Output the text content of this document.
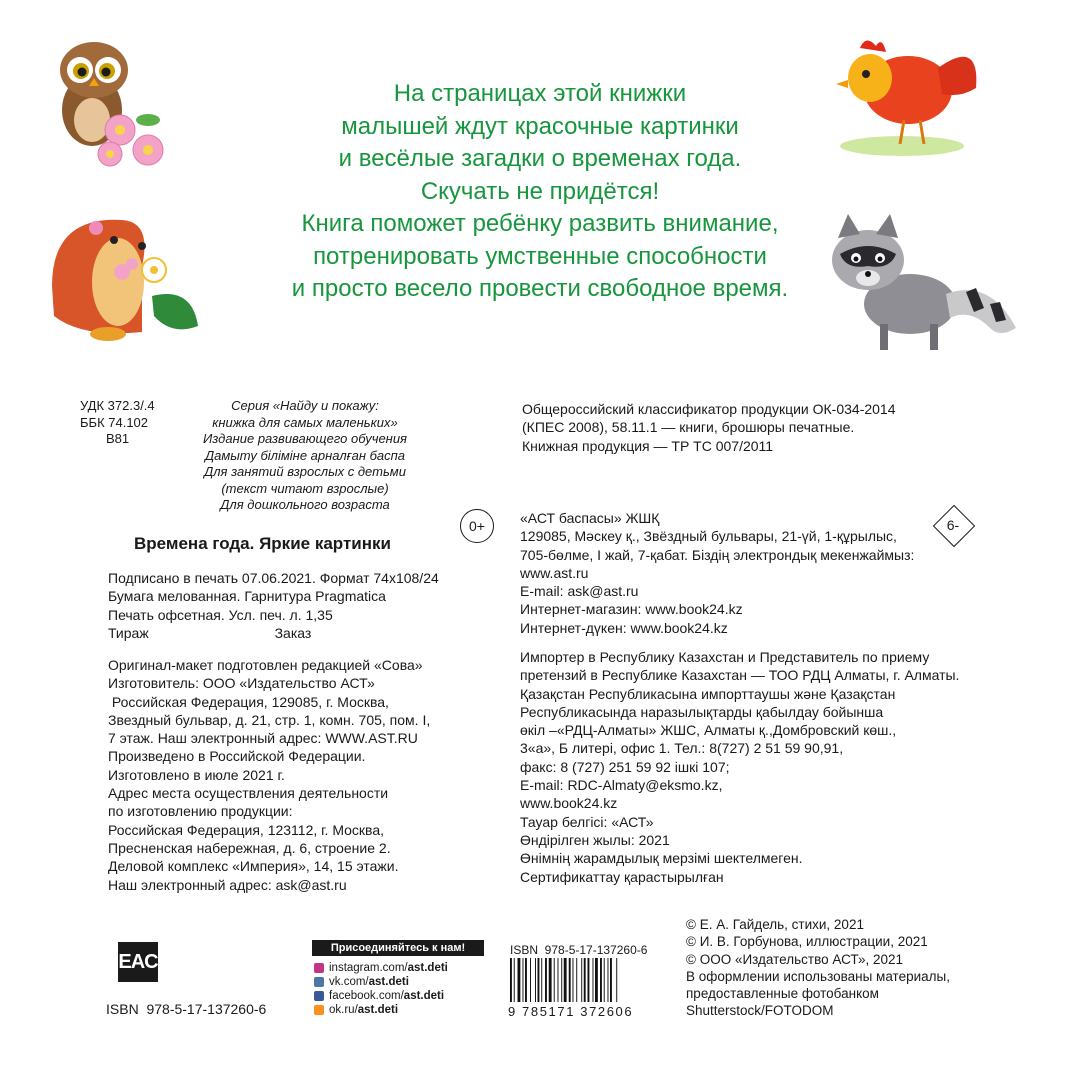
На страницах этой книжки
малышей ждут красочные картинки
и весёлые загадки о временах года.
Скучать не придётся!
Книга поможет ребёнку развить внимание,
потренировать умственные способности
и просто весело провести свободное время.
УДК 372.3/.4
ББК 74.102
В81
Серия «Найду и покажу:
книжка для самых маленьких»
Издание развивающего обучения
Дамыту біліміне арналған баспа
Для занятий взрослых с детьми
(текст читают взрослые)
Для дошкольного возраста
0+	6-
Времена года. Яркие картинки
Подписано в печать 07.06.2021. Формат 74x108/24
Бумага мелованная. Гарнитура Pragmatica
Печать офсетная. Усл. печ. л. 1,35
Тираж	Заказ
Оригинал-макет подготовлен редакцией «Сова»
Изготовитель: ООО «Издательство АСТ»
Российская Федерация, 129085, г. Москва,
Звездный бульвар, д. 21, стр. 1, комн. 705, пом. I,
7 этаж. Наш электронный адрес: WWW.AST.RU
Произведено в Российской Федерации.
Изготовлено в июле 2021 г.
Адрес места осуществления деятельности
по изготовлению продукции:
Российская Федерация, 123112, г. Москва,
Пресненская набережная, д. 6, строение 2.
Деловой комплекс «Империя», 14, 15 этажи.
Наш электронный адрес: ask@ast.ru
Общероссийский классификатор продукции ОК-034-2014
(КПЕС 2008), 58.11.1 — книги, брошюры печатные.
Книжная продукция — ТР ТС 007/2011
«АСТ баспасы» ЖШҚ
129085, Мәскеу қ., Звёздный бульвары, 21-үй, 1-құрылыс,
705-бөлме, I жай, 7-қабат. Біздің электрондық мекенжаймыз:
www.ast.ru
E-mail: ask@ast.ru
Интернет-магазин: www.book24.kz
Интернет-дүкен: www.book24.kz
Импортер в Республику Казахстан и Представитель по приему
претензий в Республике Казахстан — ТОО РДЦ Алматы, г. Алматы.
Қазақстан Республикасына импорттаушы және Қазақстан
Республикасында наразылықтарды қабылдау бойынша
өкіл –«РДЦ-Алматы» ЖШС, Алматы қ.,Домбровский көш.,
3«а», Б литері, офис 1. Тел.: 8(727) 2 51 59 90,91,
факс: 8 (727) 251 59 92 ішкі 107;
E-mail: RDC-Almaty@eksmo.kz,
www.book24.kz
Тауар белгісі: «АСТ»
Өндірілген жылы: 2021
Өнімнің жарамдылық мерзімі шектелмеген.
Сертификаттау қарастырылған
© Е. А. Гайдель, стихи, 2021
© И. В. Горбунова, иллюстрации, 2021
© ООО «Издательство АСТ», 2021
В оформлении использованы материалы,
предоставленные фотобанком
Shutterstock/FOTODOM
EAC
ISBN  978-5-17-137260-6
Присоединяйтесь к нам!
instagram.com/ ast.deti
vk.com/ ast.deti
facebook.com/ ast.deti
ok.ru/ ast.deti
ISBN  978-5-17-137260-6
9 785171 372606
